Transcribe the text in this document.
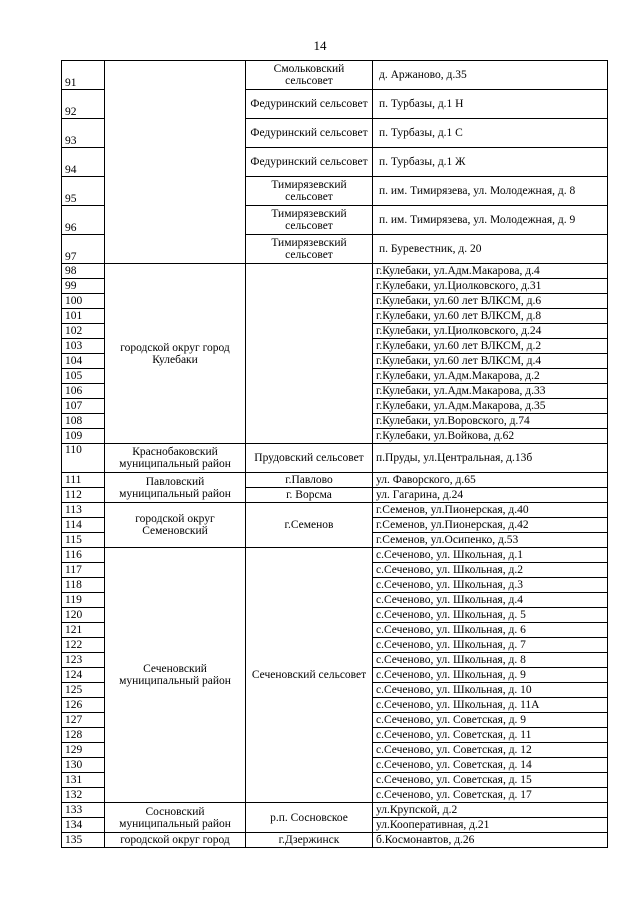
14
91		Смольковский сельсовет	д. Аржаново, д.35
92		Федуринский сельсовет	п. Турбазы, д.1 Н
93		Федуринский сельсовет	п. Турбазы, д.1 С
94		Федуринский сельсовет	п. Турбазы, д.1 Ж
95		Тимирязевский сельсовет	п. им. Тимирязева, ул. Молодежная, д. 8
96		Тимирязевский сельсовет	п. им. Тимирязева, ул. Молодежная, д. 9
97		Тимирязевский сельсовет	п. Буревестник, д. 20
98	городской округ город Кулебаки		г.Кулебаки, ул.Адм.Макарова, д.4
99			г.Кулебаки, ул.Циолковского, д.31
100			г.Кулебаки, ул.60 лет ВЛКСМ, д.6
101			г.Кулебаки, ул.60 лет ВЛКСМ, д.8
102			г.Кулебаки, ул.Циолковского, д.24
103			г.Кулебаки, ул.60 лет ВЛКСМ, д.2
104			г.Кулебаки, ул.60 лет ВЛКСМ, д.4
105			г.Кулебаки, ул.Адм.Макарова, д.2
106			г.Кулебаки, ул.Адм.Макарова, д.33
107			г.Кулебаки, ул.Адм.Макарова, д.35
108			г.Кулебаки, ул.Воровского, д.74
109			г.Кулебаки, ул.Войкова, д.62
110	Краснобаковский муниципальный район	Прудовский сельсовет	п.Пруды, ул.Центральная, д.13б
111	Павловский муниципальный район	г.Павлово	ул. Фаворского, д.65
112		г. Ворсма	ул. Гагарина, д.24
113	городской округ Семеновский	г.Семенов	г.Семенов, ул.Пионерская, д.40
114			г.Семенов, ул.Пионерская, д.42
115			г.Семенов, ул.Осипенко, д.53
116	Сеченовский муниципальный район	Сеченовский сельсовет	с.Сеченово, ул. Школьная, д.1
117			с.Сеченово, ул. Школьная, д.2
118			с.Сеченово, ул. Школьная, д.3
119			с.Сеченово, ул. Школьная, д.4
120			с.Сеченово, ул. Школьная, д. 5
121			с.Сеченово, ул. Школьная, д. 6
122			с.Сеченово, ул. Школьная, д. 7
123			с.Сеченово, ул. Школьная, д. 8
124			с.Сеченово, ул. Школьная, д. 9
125			с.Сеченово, ул. Школьная, д. 10
126			с.Сеченово, ул. Школьная, д. 11А
127			с.Сеченово, ул. Советская, д. 9
128			с.Сеченово, ул. Советская, д. 11
129			с.Сеченово, ул. Советская, д. 12
130			с.Сеченово, ул. Советская, д. 14
131			с.Сеченово, ул. Советская, д. 15
132			с.Сеченово, ул. Советская, д. 17
133	Сосновский муниципальный район	р.п. Сосновское	ул.Крупской, д.2
134			ул.Кооперативная, д.21
135	городской округ город	г.Дзержинск	б.Космонавтов, д.26
